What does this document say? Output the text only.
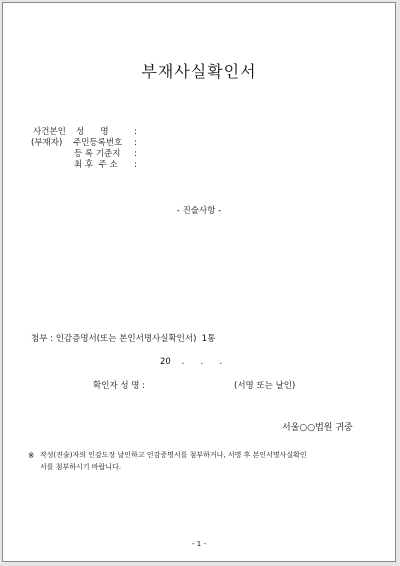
부재사실확인서
사건본인
(부재자)
성      명	:
주민등록번호 :
등 록 기준지 :
최 후  주 소 :
- 진술사항 -
첨부 : 인감증명서(또는 본인서명사실확인서)  1통
20    .      .      .
확인자 성 명 :	(서명 또는 날인)
서울○○법원 귀중
※ 작성(진술)자의 인감도장 날인하고 인감증명서를 첨부하거나, 서명 후 본인서명사실확인
서를 첨부하시기 바랍니다.
- 1 -
